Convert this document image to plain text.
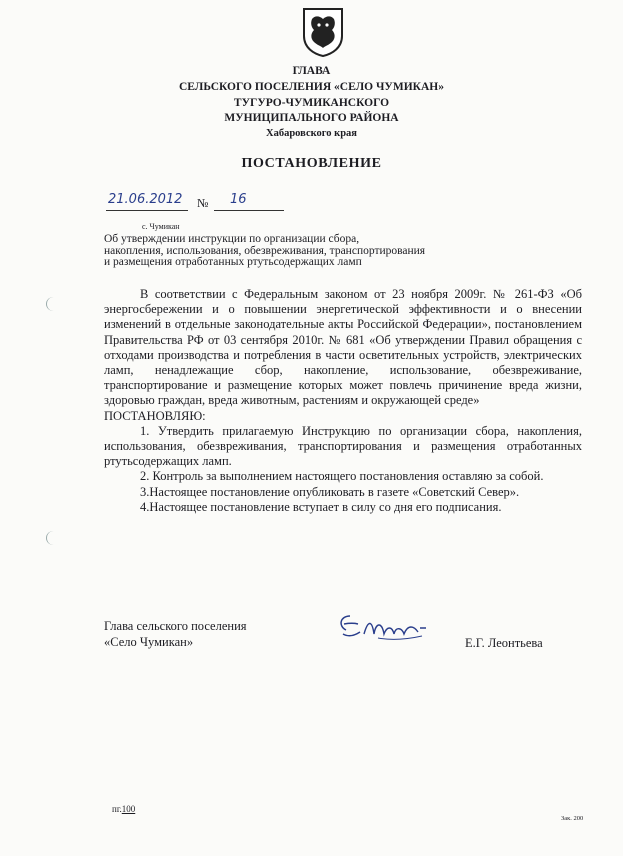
ГЛАВА
СЕЛЬСКОГО ПОСЕЛЕНИЯ «СЕЛО ЧУМИКАН»
ТУГУРО-ЧУМИКАНСКОГО
МУНИЦИПАЛЬНОГО РАЙОНА
Хабаровского края
ПОСТАНОВЛЕНИЕ
21.06.2012	№ 16
с. Чумикан
Об утверждении инструкции по организации сбора,
накопления, использования, обезвреживания, транспортирования
и размещения отработанных ртутьсодержащих ламп

В соответствии с Федеральным законом от 23 ноября 2009г. № 261-ФЗ «Об энергосбережении и о повышении энергетической эффективности и о внесении изменений в отдельные законодательные акты Российской Федерации», постановлением Правительства РФ от 03 сентября 2010г. № 681 «Об утверждении Правил обращения с отходами производства и потребления в части осветительных устройств, электрических ламп, ненадлежащие сбор, накопление, использование, обезвреживание, транспортирование и размещение которых может повлечь причинение вреда жизни, здоровью граждан, вреда животным, растениям и окружающей среде»

ПОСТАНОВЛЯЮ:

1. Утвердить прилагаемую Инструкцию по организации сбора, накопления, использования, обезвреживания, транспортирования и размещения отработанных ртутьсодержащих ламп.

2. Контроль за выполнением настоящего постановления оставляю за собой.

3.Настоящее постановление опубликовать в газете «Советский Север».

4.Настоящее постановление вступает в силу со дня его подписания.

Глава сельского поселения
«Село Чумикан»	Е.Г. Леонтьева
пг.100
Зак. 200
